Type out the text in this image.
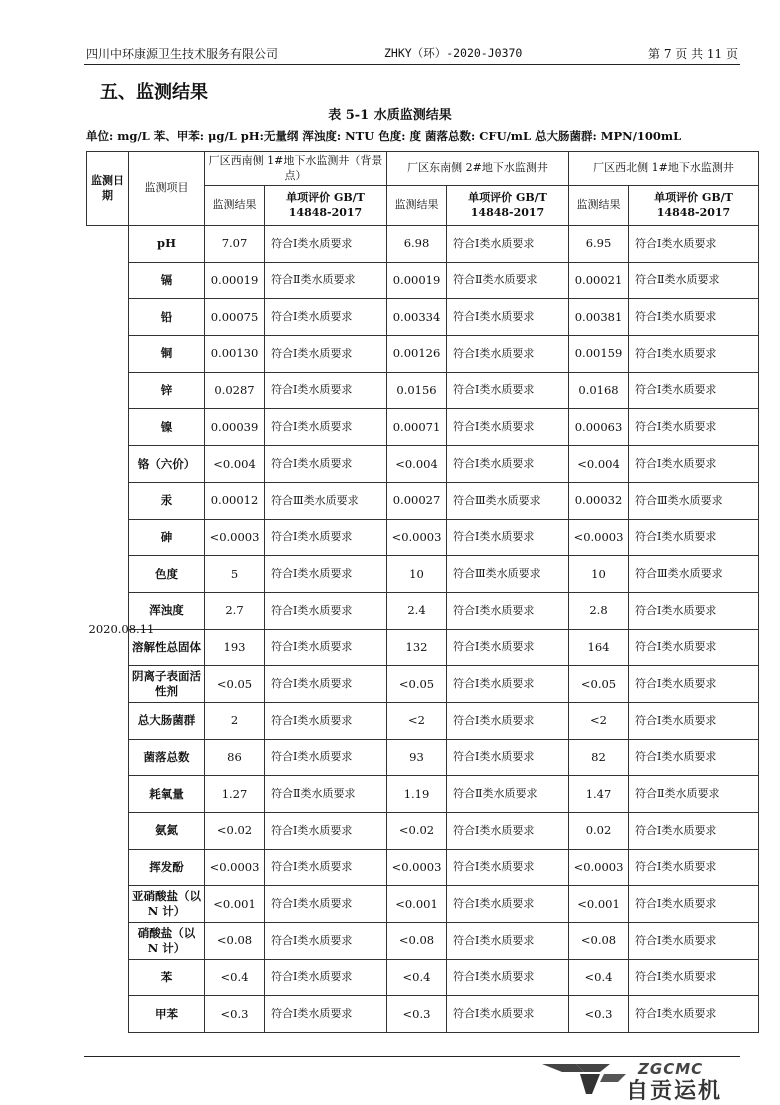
四川中环康源卫生技术服务有限公司	ZHKY（环）-2020-J0370	第 7 页 共 11 页
五、监测结果
表 5-1 水质监测结果
单位: mg/L 苯、甲苯: μg/L pH:无量纲 浑浊度: NTU 色度: 度 菌落总数: CFU/mL 总大肠菌群: MPN/100mL
监测日期	监测项目	厂区西南侧 1#地下水监测井（背景点）		厂区东南侧 2#地下水监测井		厂区西北侧 1#地下水监测井	
		监测结果	单项评价 GB/T 14848-2017	监测结果	单项评价 GB/T 14848-2017	监测结果	单项评价 GB/T 14848-2017
2020.08.11	pH	7.07	符合Ⅰ类水质要求	6.98	符合Ⅰ类水质要求	6.95	符合Ⅰ类水质要求
	镉	0.00019	符合Ⅱ类水质要求	0.00019	符合Ⅱ类水质要求	0.00021	符合Ⅱ类水质要求
	铅	0.00075	符合Ⅰ类水质要求	0.00334	符合Ⅰ类水质要求	0.00381	符合Ⅰ类水质要求
	铜	0.00130	符合Ⅰ类水质要求	0.00126	符合Ⅰ类水质要求	0.00159	符合Ⅰ类水质要求
	锌	0.0287	符合Ⅰ类水质要求	0.0156	符合Ⅰ类水质要求	0.0168	符合Ⅰ类水质要求
	镍	0.00039	符合Ⅰ类水质要求	0.00071	符合Ⅰ类水质要求	0.00063	符合Ⅰ类水质要求
	铬（六价）	<0.004	符合Ⅰ类水质要求	<0.004	符合Ⅰ类水质要求	<0.004	符合Ⅰ类水质要求
	汞	0.00012	符合Ⅲ类水质要求	0.00027	符合Ⅲ类水质要求	0.00032	符合Ⅲ类水质要求
	砷	<0.0003	符合Ⅰ类水质要求	<0.0003	符合Ⅰ类水质要求	<0.0003	符合Ⅰ类水质要求
	色度	5	符合Ⅰ类水质要求	10	符合Ⅲ类水质要求	10	符合Ⅲ类水质要求
	浑浊度	2.7	符合Ⅰ类水质要求	2.4	符合Ⅰ类水质要求	2.8	符合Ⅰ类水质要求
	溶解性总固体	193	符合Ⅰ类水质要求	132	符合Ⅰ类水质要求	164	符合Ⅰ类水质要求
	阴离子表面活性剂	<0.05	符合Ⅰ类水质要求	<0.05	符合Ⅰ类水质要求	<0.05	符合Ⅰ类水质要求
	总大肠菌群	2	符合Ⅰ类水质要求	<2	符合Ⅰ类水质要求	<2	符合Ⅰ类水质要求
	菌落总数	86	符合Ⅰ类水质要求	93	符合Ⅰ类水质要求	82	符合Ⅰ类水质要求
	耗氧量	1.27	符合Ⅱ类水质要求	1.19	符合Ⅱ类水质要求	1.47	符合Ⅱ类水质要求
	氨氮	<0.02	符合Ⅰ类水质要求	<0.02	符合Ⅰ类水质要求	0.02	符合Ⅰ类水质要求
	挥发酚	<0.0003	符合Ⅰ类水质要求	<0.0003	符合Ⅰ类水质要求	<0.0003	符合Ⅰ类水质要求
	亚硝酸盐（以 N 计）	<0.001	符合Ⅰ类水质要求	<0.001	符合Ⅰ类水质要求	<0.001	符合Ⅰ类水质要求
	硝酸盐（以 N 计）	<0.08	符合Ⅰ类水质要求	<0.08	符合Ⅰ类水质要求	<0.08	符合Ⅰ类水质要求
	苯	<0.4	符合Ⅰ类水质要求	<0.4	符合Ⅰ类水质要求	<0.4	符合Ⅰ类水质要求
	甲苯	<0.3	符合Ⅰ类水质要求	<0.3	符合Ⅰ类水质要求	<0.3	符合Ⅰ类水质要求
ZGCMC
自贡运机
